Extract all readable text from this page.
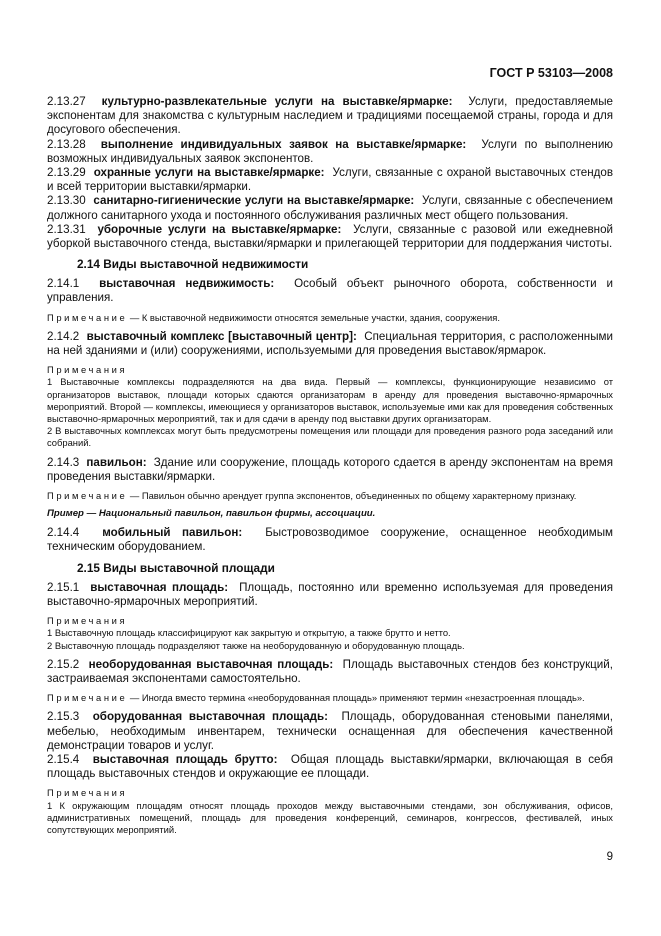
ГОСТ Р 53103—2008

2.13.27 культурно-развлекательные услуги на выставке/ярмарке: Услуги, предоставляемые экспонентам для знакомства с культурным наследием и традициями посещаемой страны, города и для досугового обеспечения.

2.13.28 выполнение индивидуальных заявок на выставке/ярмарке: Услуги по выполнению возможных индивидуальных заявок экспонентов.

2.13.29 охранные услуги на выставке/ярмарке: Услуги, связанные с охраной выставочных стендов и всей территории выставки/ярмарки.

2.13.30 санитарно-гигиенические услуги на выставке/ярмарке: Услуги, связанные с обеспечением должного санитарного ухода и постоянного обслуживания различных мест общего пользования.

2.13.31 уборочные услуги на выставке/ярмарке: Услуги, связанные с разовой или ежедневной уборкой выставочного стенда, выставки/ярмарки и прилегающей территории для поддержания чистоты.

2.14 Виды выставочной недвижимости

2.14.1 выставочная недвижимость: Особый объект рыночного оборота, собственности и управления.

Примечание — К выставочной недвижимости относятся земельные участки, здания, сооружения.

2.14.2 выставочный комплекс [выставочный центр]: Специальная территория, с расположенными на ней зданиями и (или) сооружениями, используемыми для проведения выставок/ярмарок.

Примечания

1 Выставочные комплексы подразделяются на два вида. Первый — комплексы, функционирующие независимо от организаторов выставок, площади которых сдаются организаторам в аренду для проведения выставочно-ярмарочных мероприятий. Второй — комплексы, имеющиеся у организаторов выставок, используемые ими как для проведения собственных выставочно-ярмарочных мероприятий, так и для сдачи в аренду под выставки других организаторам.

2 В выставочных комплексах могут быть предусмотрены помещения или площади для проведения разного рода заседаний или собраний.

2.14.3 павильон: Здание или сооружение, площадь которого сдается в аренду экспонентам на время проведения выставки/ярмарки.

Примечание — Павильон обычно арендует группа экспонентов, объединенных по общему характерному признаку.

Пример — Национальный павильон, павильон фирмы, ассоциации.

2.14.4 мобильный павильон: Быстровозводимое сооружение, оснащенное необходимым техническим оборудованием.

2.15 Виды выставочной площади

2.15.1 выставочная площадь: Площадь, постоянно или временно используемая для проведения выставочно-ярмарочных мероприятий.

Примечания

1 Выставочную площадь классифицируют как закрытую и открытую, а также брутто и нетто.

2 Выставочную площадь подразделяют также на необорудованную и оборудованную площадь.

2.15.2 необорудованная выставочная площадь: Площадь выставочных стендов без конструкций, застраиваемая экспонентами самостоятельно.

Примечание — Иногда вместо термина «необорудованная площадь» применяют термин «незастроенная площадь».

2.15.3 оборудованная выставочная площадь: Площадь, оборудованная стеновыми панелями, мебелью, необходимым инвентарем, технически оснащенная для обеспечения качественной демонстрации товаров и услуг.

2.15.4 выставочная площадь брутто: Общая площадь выставки/ярмарки, включающая в себя площадь выставочных стендов и окружающие ее площади.

Примечания

1 К окружающим площадям относят площадь проходов между выставочными стендами, зон обслуживания, офисов, административных помещений, площадь для проведения конференций, семинаров, конгрессов, фестивалей, иных сопутствующих мероприятий.

9
